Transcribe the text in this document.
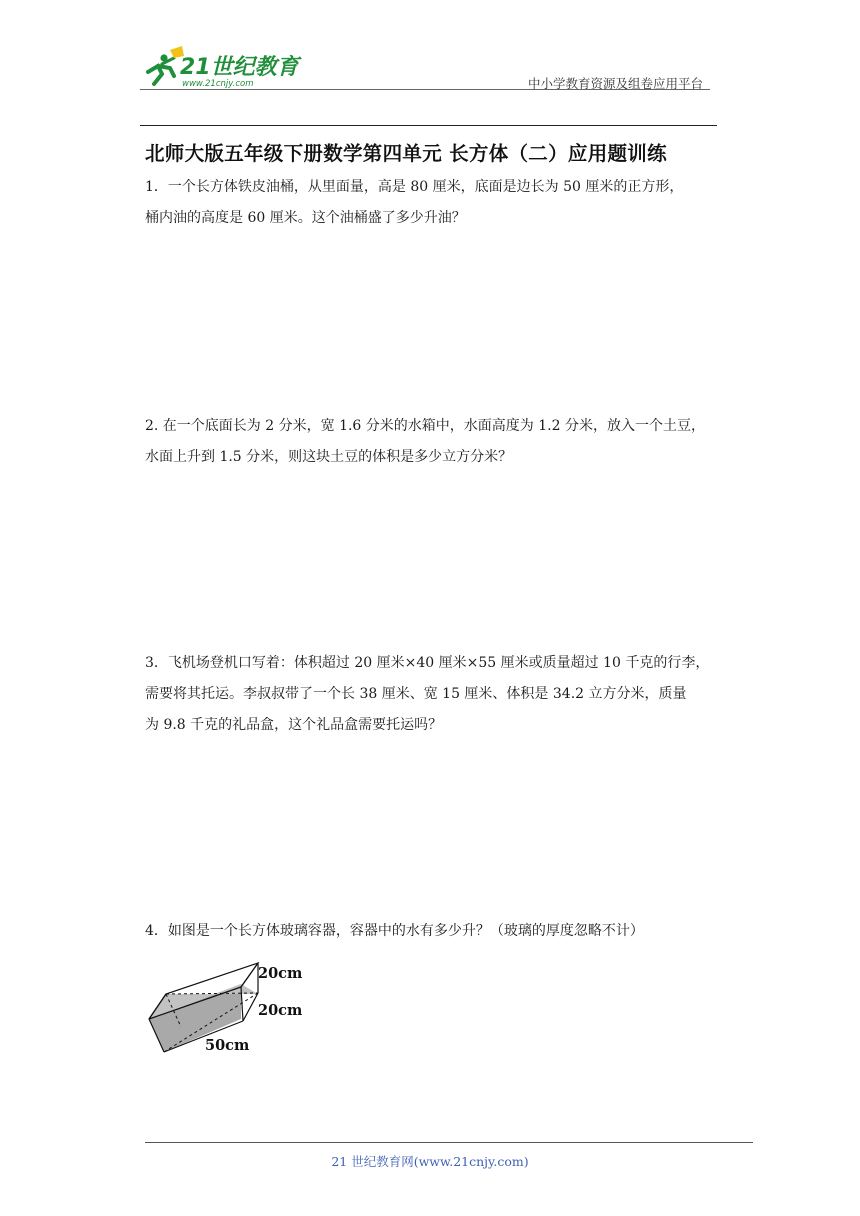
21世纪教育
www.21cnjy.com	中小学教育资源及组卷应用平台
北师大版五年级下册数学第四单元 长方体（二）应用题训练

1．一个长方体铁皮油桶，从里面量，高是 80 厘米，底面是边长为 50 厘米的正方形，

桶内油的高度是 60 厘米。这个油桶盛了多少升油？

2. 在一个底面长为 2 分米，宽 1.6 分米的水箱中，水面高度为 1.2 分米，放入一个土豆，

水面上升到 1.5 分米，则这块土豆的体积是多少立方分米？

3．飞机场登机口写着：体积超过 20 厘米×40 厘米×55 厘米或质量超过 10 千克的行李，

需要将其托运。李叔叔带了一个长 38 厘米、宽 15 厘米、体积是 34.2 立方分米，质量

为 9.8 千克的礼品盒，这个礼品盒需要托运吗？

4．如图是一个长方体玻璃容器，容器中的水有多少升？（玻璃的厚度忽略不计）

20cm
20cm
50cm
21 世纪教育网(www.21cnjy.com)
